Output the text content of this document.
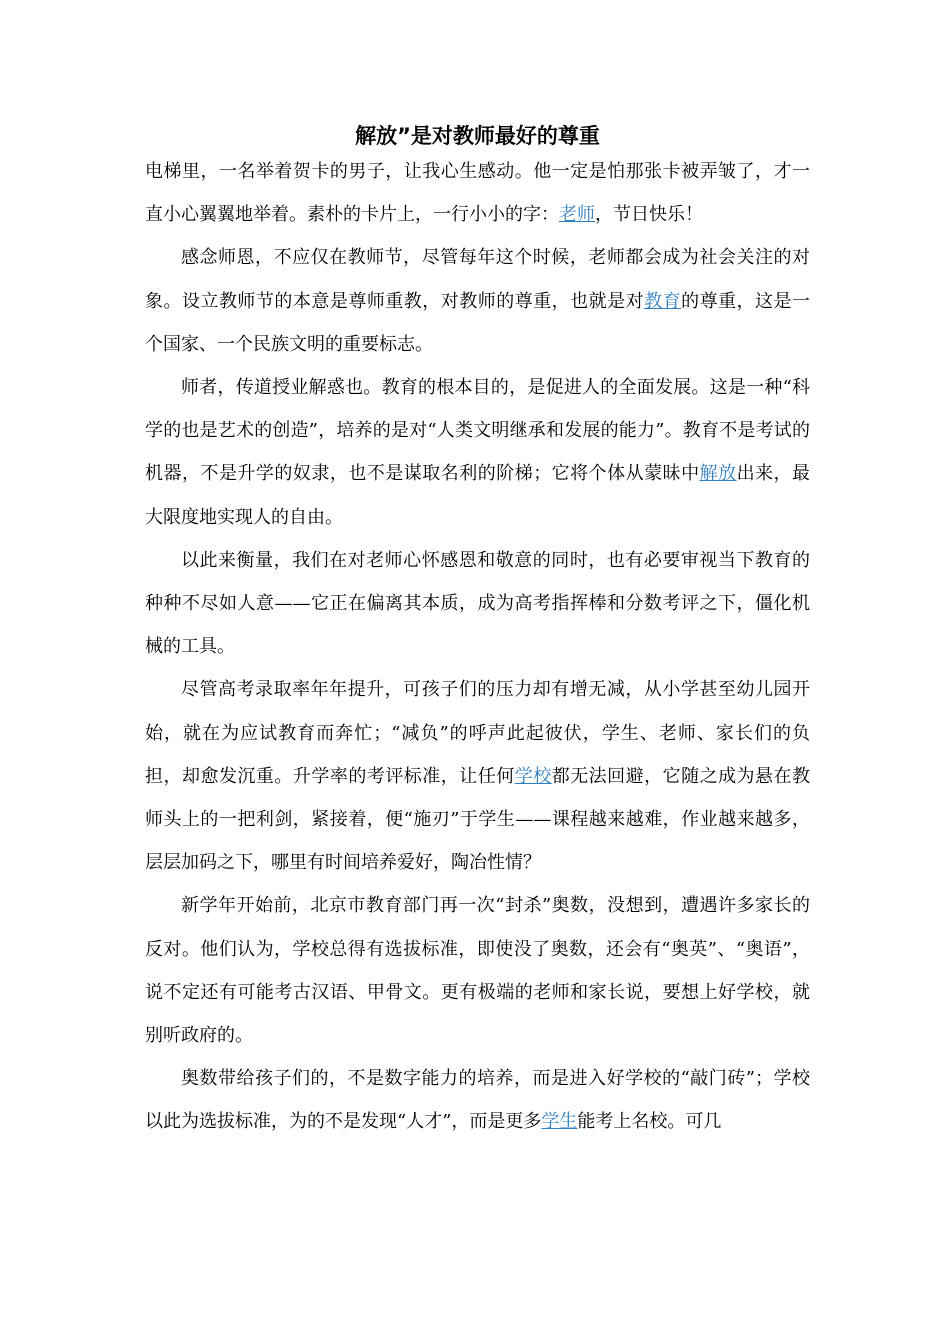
解放”是对教师最好的尊重

电梯里，一名举着贺卡的男子，让我心生感动。他一定是怕那张卡被弄皱了，才一直小心翼翼地举着。素朴的卡片上，一行小小的字：老师，节日快乐！

感念师恩，不应仅在教师节，尽管每年这个时候，老师都会成为社会关注的对象。设立教师节的本意是尊师重教，对教师的尊重，也就是对教育的尊重，这是一个国家、一个民族文明的重要标志。

师者，传道授业解惑也。教育的根本目的，是促进人的全面发展。这是一种“科学的也是艺术的创造”，培养的是对“人类文明继承和发展的能力”。教育不是考试的机器，不是升学的奴隶，也不是谋取名利的阶梯；它将个体从蒙昧中解放出来，最大限度地实现人的自由。

以此来衡量，我们在对老师心怀感恩和敬意的同时，也有必要审视当下教育的种种不尽如人意——它正在偏离其本质，成为高考指挥棒和分数考评之下，僵化机械的工具。

尽管高考录取率年年提升，可孩子们的压力却有增无减，从小学甚至幼儿园开始，就在为应试教育而奔忙；“减负”的呼声此起彼伏，学生、老师、家长们的负担，却愈发沉重。升学率的考评标准，让任何学校都无法回避，它随之成为悬在教师头上的一把利剑，紧接着，便“施刃”于学生——课程越来越难，作业越来越多，层层加码之下，哪里有时间培养爱好，陶冶性情？

新学年开始前，北京市教育部门再一次“封杀”奥数，没想到，遭遇许多家长的反对。他们认为，学校总得有选拔标准，即使没了奥数，还会有“奥英”、“奥语”，说不定还有可能考古汉语、甲骨文。更有极端的老师和家长说，要想上好学校，就别听政府的。

奥数带给孩子们的，不是数字能力的培养，而是进入好学校的“敲门砖”；学校以此为选拔标准，为的不是发现“人才”，而是更多学生能考上名校。可几
